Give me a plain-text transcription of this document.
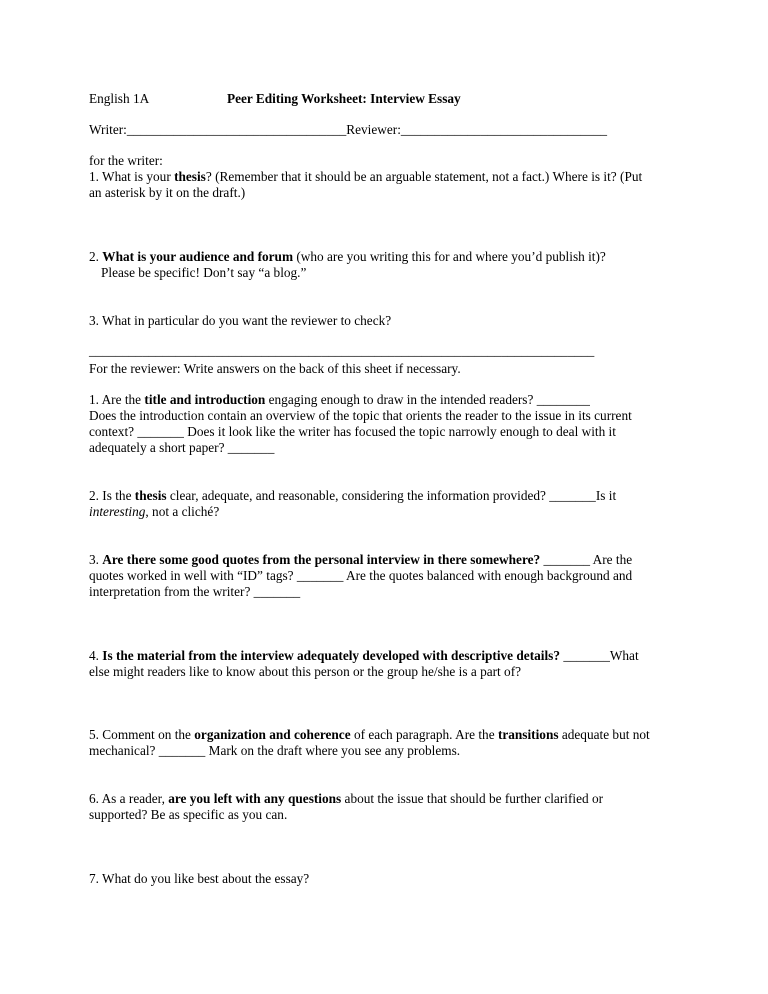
English 1A	Peer Editing Worksheet: Interview Essay
Writer:_________________________________Reviewer:_______________________________
for the writer:
1. What is your thesis? (Remember that it should be an arguable statement, not a fact.) Where is it? (Put
an asterisk by it on the draft.)
2. What is your audience and forum (who are you writing this for and where you’d publish it)?
Please be specific! Don’t say “a blog.”
3. What in particular do you want the reviewer to check?
____________________________________________________________________________
For the reviewer: Write answers on the back of this sheet if necessary.
1. Are the title and introduction engaging enough to draw in the intended readers? ________
Does the introduction contain an overview of the topic that orients the reader to the issue in its current
context? _______ Does it look like the writer has focused the topic narrowly enough to deal with it
adequately a short paper? _______
2. Is the thesis clear, adequate, and reasonable, considering the information provided? _______Is it
interesting, not a cliché?
3. Are there some good quotes from the personal interview in there somewhere? _______ Are the
quotes worked in well with “ID” tags? _______ Are the quotes balanced with enough background and
interpretation from the writer? _______
4. Is the material from the interview adequately developed with descriptive details? _______What
else might readers like to know about this person or the group he/she is a part of?
5. Comment on the organization and coherence of each paragraph. Are the transitions adequate but not
mechanical? _______ Mark on the draft where you see any problems.
6. As a reader, are you left with any questions about the issue that should be further clarified or
supported? Be as specific as you can.
7. What do you like best about the essay?
